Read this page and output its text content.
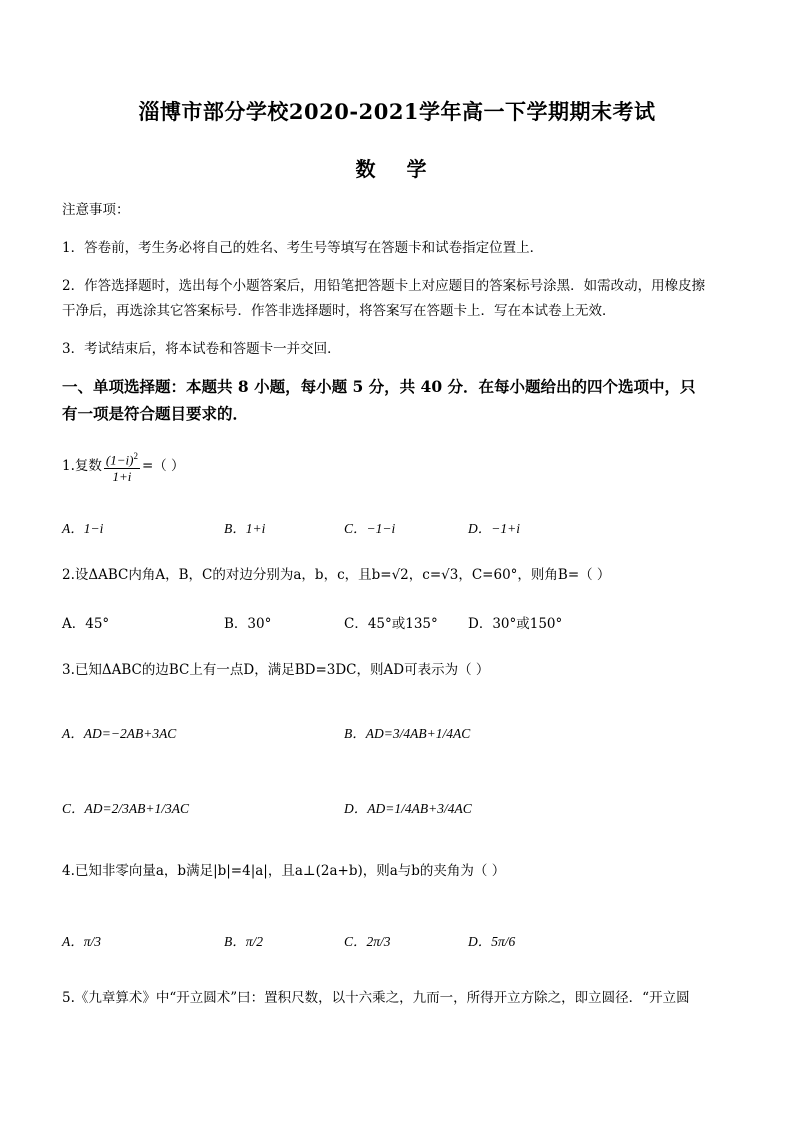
淄博市部分学校2020-2021学年高一下学期期末考试
数 学
注意事项：
1．答卷前，考生务必将自己的姓名、考生号等填写在答题卡和试卷指定位置上．
2．作答选择题时，选出每个小题答案后，用铅笔把答题卡上对应题目的答案标号涂黑．如需改动，用橡皮擦
干净后，再选涂其它答案标号．作答非选择题时，将答案写在答题卡上．写在本试卷上无效．
3．考试结束后，将本试卷和答题卡一并交回．
一、单项选择题：本题共 8 小题，每小题 5 分，共 40 分．在每小题给出的四个选项中，只
有一项是符合题目要求的．
1.复数 $\frac{(1-i)^2}{1+i}$ =（ ）
A．1−i	B．1+i	C．−1−i	D．−1+i
2.设ΔABC内角A，B，C的对边分别为a，b，c，且b=√2，c=√3，C=60°，则角B=（ ）
A．45°	B．30°	C．45°或135° D．30°或150°
3.已知ΔABC的边BC上有一点D，满足BD=3DC，则AD可表示为（ ）
A．AD=−2AB+3AC	B．AD=3/4AB+1/4AC
C．AD=2/3AB+1/3AC	D．AD=1/4AB+3/4AC
4.已知非零向量a，b满足|b|=4|a|，且a⊥(2a+b)，则a与b的夹角为（ ）
A．π/3	B．π/2	C．2π/3	D．5π/6
5.《九章算术》中“开立圆术”曰：置积尺数，以十六乘之，九而一，所得开立方除之，即立圆径．“开立圆
